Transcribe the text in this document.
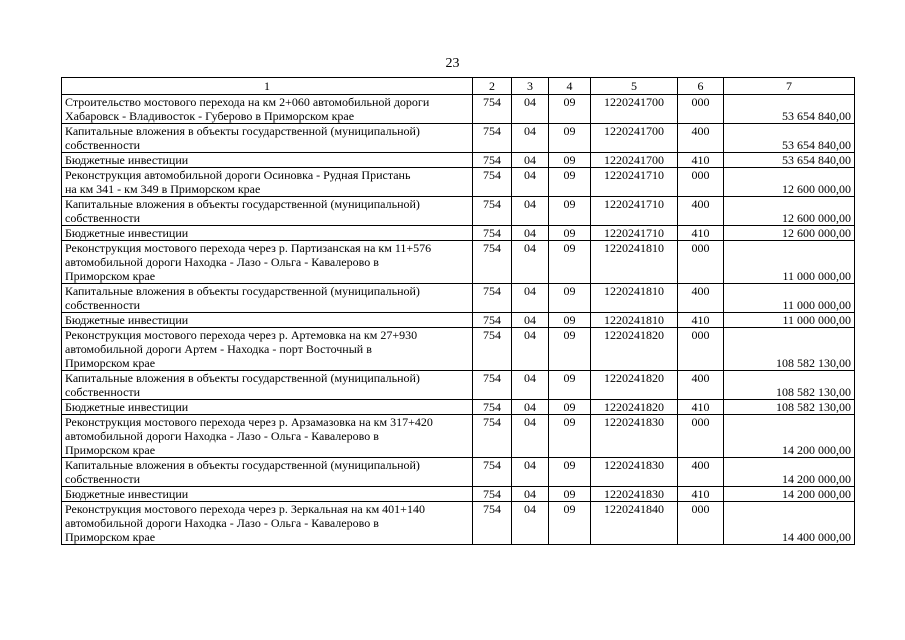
23
1	2	3	4	5	6	7

Строительство мостового перехода на км 2+060 автомобильной дороги
Хабаровск - Владивосток - Губерово в Приморском крае	754	04	09	1220241700	000	53 654 840,00

Капитальные вложения в объекты государственной (муниципальной)
собственности	754	04	09	1220241700	400	53 654 840,00

Бюджетные инвестиции	754	04	09	1220241700	410	53 654 840,00

Реконструкция автомобильной дороги Осиновка - Рудная Пристань
на км 341 - км 349 в Приморском крае	754	04	09	1220241710	000	12 600 000,00

Капитальные вложения в объекты государственной (муниципальной)
собственности	754	04	09	1220241710	400	12 600 000,00

Бюджетные инвестиции	754	04	09	1220241710	410	12 600 000,00

Реконструкция мостового перехода через р. Партизанская на км 11+576
автомобильной дороги Находка - Лазо - Ольга - Кавалерово в
Приморском крае	754	04	09	1220241810	000	11 000 000,00

Капитальные вложения в объекты государственной (муниципальной)
собственности	754	04	09	1220241810	400	11 000 000,00

Бюджетные инвестиции	754	04	09	1220241810	410	11 000 000,00

Реконструкция мостового перехода через р. Артемовка на км 27+930
автомобильной дороги Артем - Находка - порт Восточный в
Приморском крае	754	04	09	1220241820	000	108 582 130,00

Капитальные вложения в объекты государственной (муниципальной)
собственности	754	04	09	1220241820	400	108 582 130,00

Бюджетные инвестиции	754	04	09	1220241820	410	108 582 130,00

Реконструкция мостового перехода через р. Арзамазовка на км 317+420
автомобильной дороги Находка - Лазо - Ольга - Кавалерово в
Приморском крае	754	04	09	1220241830	000	14 200 000,00

Капитальные вложения в объекты государственной (муниципальной)
собственности	754	04	09	1220241830	400	14 200 000,00

Бюджетные инвестиции	754	04	09	1220241830	410	14 200 000,00

Реконструкция мостового перехода через р. Зеркальная на км 401+140
автомобильной дороги Находка - Лазо - Ольга - Кавалерово в
Приморском крае	754	04	09	1220241840	000	14 400 000,00
